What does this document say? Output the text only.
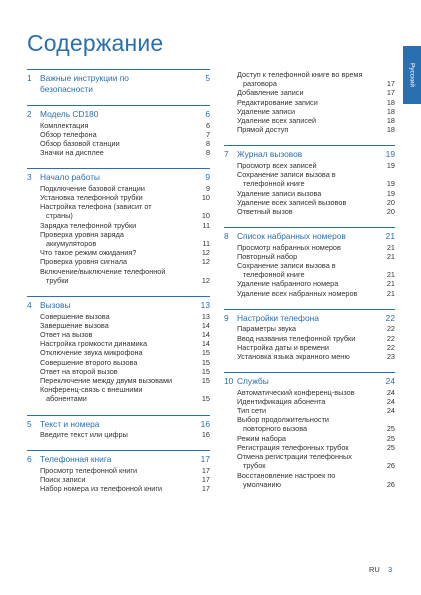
Содержание
Русский
1 Важные инструкции по
безопасности
5
2 Модель CD180	6
Комплектация	6
Обзор телефона	7
Обзор базовой станции	8
Значки на дисплее	8
3 Начало работы	9
Подключение базовой станции	9
Установка телефонной трубки	10
Настройка телефона (зависит от
страны)	10
Зарядка телефонной трубки	11
Проверка уровня заряда
аккумуляторов	11
Что такое режим ожидания?	12
Проверка уровня сигнала	12
Включение/выключение телефонной
трубки	12
4 Вызовы	13
Совершение вызова	13
Завершение вызова	14
Ответ на вызов	14
Настройка громкости динамика	14
Отключение звука микрофона	15
Совершение второго вызова	15
Ответ на второй вызов	15
Переключение между двумя вызовами	15
Конференц-связь с внешними
абонентами	15
5 Текст и номера	16
Введите текст или цифры	16
6 Телефонная книга	17
Просмотр телефонной книги	17
Поиск записи	17
Набор номера из телефонной книги	17
Доступ к телефонной книге во время
разговора	17
Добавление записи	17
Редактирование записи	18
Удаление записи	18
Удаление всех записей	18
Прямой доступ	18
7 Журнал вызовов	19
Просмотр всех записей	19
Сохранение записи вызова в
телефонной книге	19
Удаление записи вызова	19
Удаление всех записей вызовов	20
Ответный вызов	20
8 Список набранных номеров	21
Просмотр набранных номеров	21
Повторный набор	21
Сохранение записи вызова в
телефонной книге	21
Удаление набранного номера	21
Удаление всех набранных номеров	21
9 Настройки телефона	22
Параметры звука	22
Ввод названия телефонной трубки	22
Настройка даты и времени	22
Установка языка экранного меню	23
10 Службы	24
Автоматический конференц-вызов	24
Идентификация абонента	24
Тип сети	24
Выбор продолжительности
повторного вызова	25
Режим набора	25
Регистрация телефонных трубок	25
Отмена регистрации телефонных
трубок	26
Восстановление настроек по
умолчанию	26
RU 3
